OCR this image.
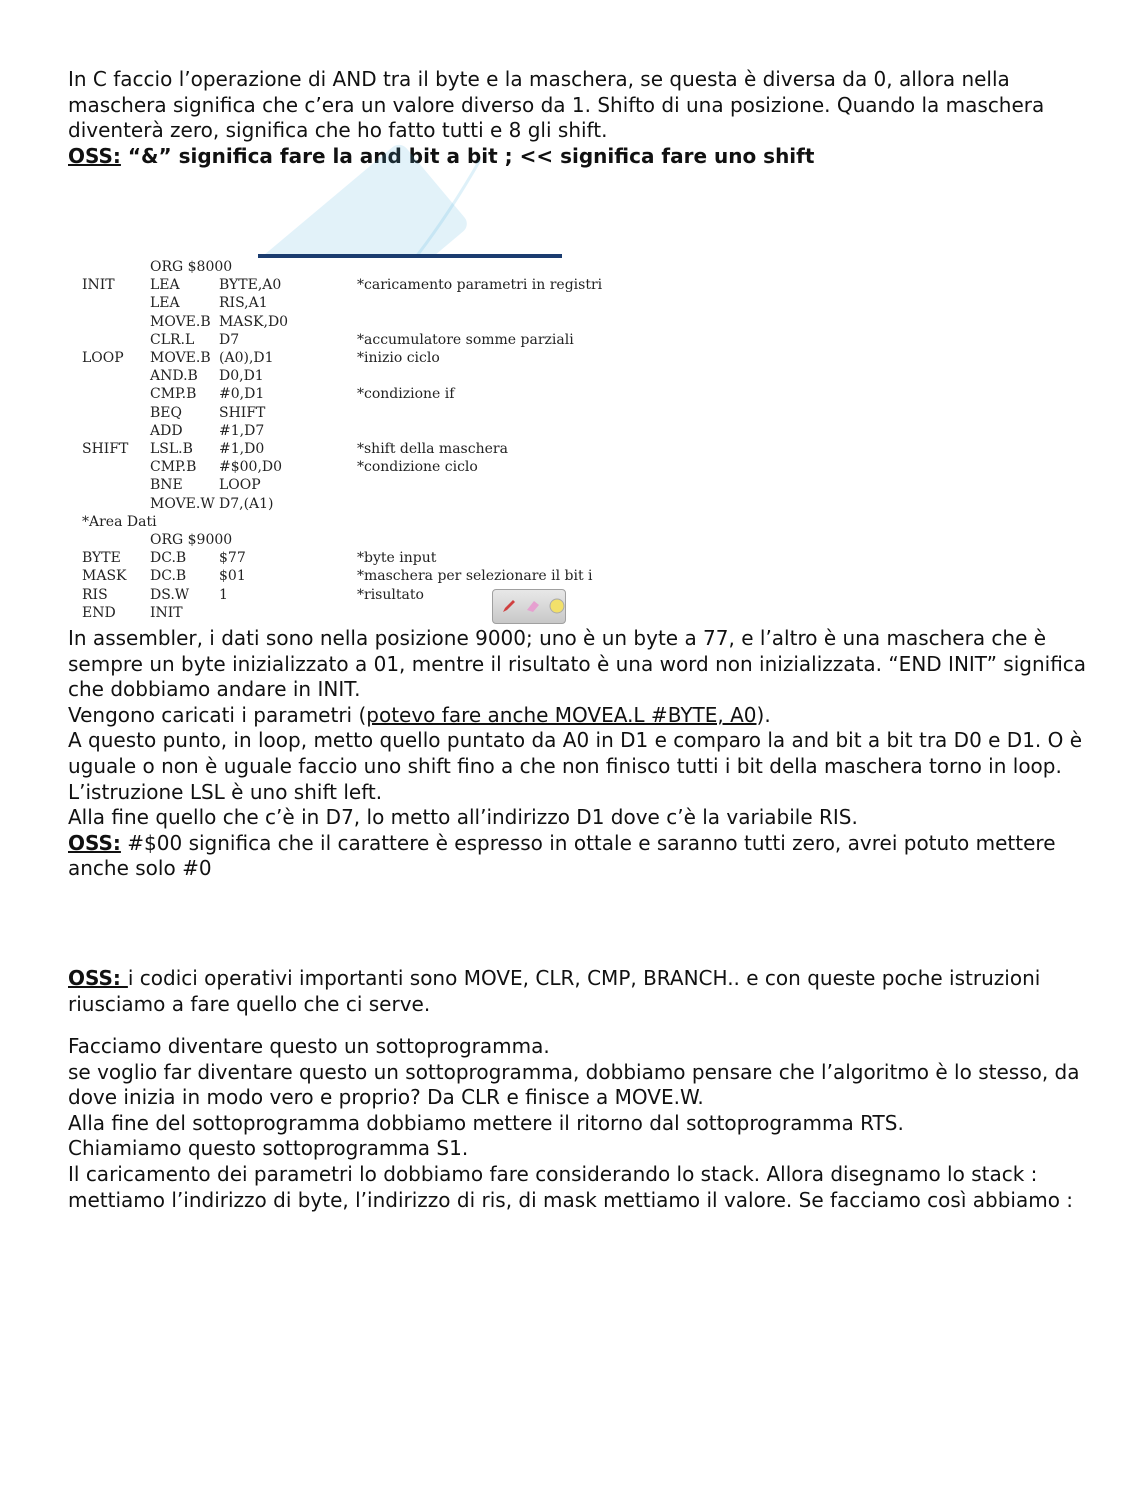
In C faccio l’operazione di AND tra il byte e la maschera, se questa è diversa da 0, allora nella maschera significa che c’era un valore diverso da 1. Shifto di una posizione. Quando la maschera diventerà zero, significa che ho fatto tutti e 8 gli shift.

OSS: “&” significa fare la and bit a bit ; << significa fare uno shift

ORG $8000
INIT	LEA	BYTE,A0	*caricamento parametri in registri
LEA	RIS,A1
MOVE.B MASK,D0
CLR.L D7	*accumulatore somme parziali
LOOP MOVE.B (A0),D1	*inizio ciclo
AND.B D0,D1
CMP.B #0,D1	*condizione if
BEQ	SHIFT
ADD	#1,D7
SHIFT LSL.B #1,D0	*shift della maschera
CMP.B #$00,D0	*condizione ciclo
BNE	LOOP
MOVE.W D7,(A1)
*Area Dati
ORG $9000
BYTE DC.B $77	*byte input
MASK DC.B $01	*maschera per selezionare il bit i
RIS	DS.W 1	*risultato
END INIT

In assembler, i dati sono nella posizione 9000; uno è un byte a 77, e l’altro è una maschera che è sempre un byte inizializzato a 01, mentre il risultato è una word non inizializzata. “END INIT” significa che dobbiamo andare in INIT.

Vengono caricati i parametri (potevo fare anche MOVEA.L #BYTE, A0).

A questo punto, in loop, metto quello puntato da A0 in D1 e comparo la and bit a bit tra D0 e D1. O è uguale o non è uguale faccio uno shift fino a che non finisco tutti i bit della maschera torno in loop.

L’istruzione LSL è uno shift left.

Alla fine quello che c’è in D7, lo metto all’indirizzo D1 dove c’è la variabile RIS.

OSS: #$00 significa che il carattere è espresso in ottale e saranno tutti zero, avrei potuto mettere anche solo #0

OSS: i codici operativi importanti sono MOVE, CLR, CMP, BRANCH.. e con queste poche istruzioni riusciamo a fare quello che ci serve.

Facciamo diventare questo un sottoprogramma.

se voglio far diventare questo un sottoprogramma, dobbiamo pensare che l’algoritmo è lo stesso, da dove inizia in modo vero e proprio? Da CLR e finisce a MOVE.W.

Alla fine del sottoprogramma dobbiamo mettere il ritorno dal sottoprogramma RTS.

Chiamiamo questo sottoprogramma S1.

Il caricamento dei parametri lo dobbiamo fare considerando lo stack. Allora disegnamo lo stack : mettiamo l’indirizzo di byte, l’indirizzo di ris, di mask mettiamo il valore. Se facciamo così abbiamo :
